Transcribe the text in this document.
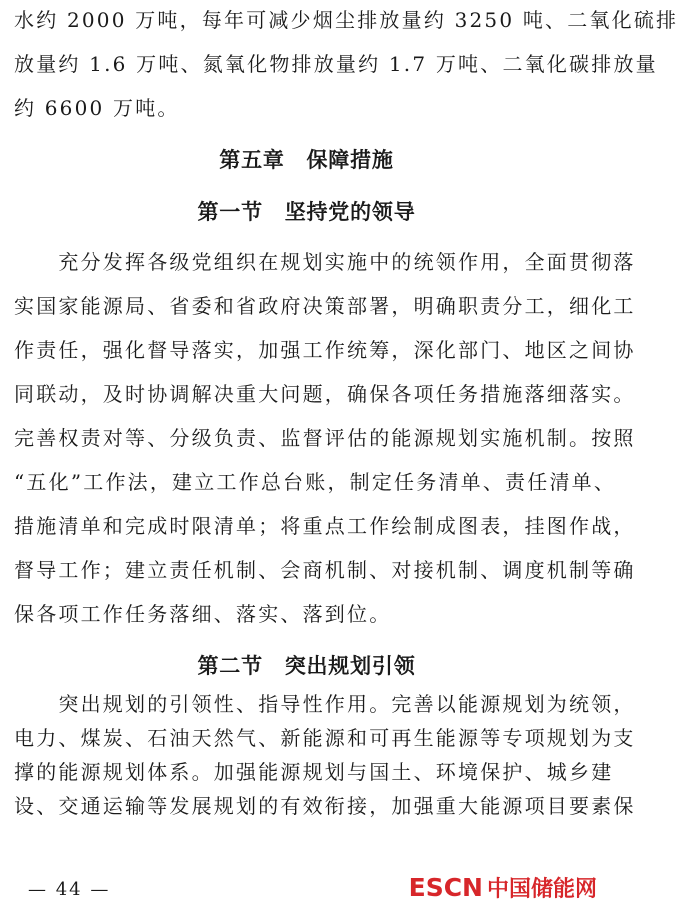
水约 2000 万吨，每年可减少烟尘排放量约 3250 吨、二氧化硫排
放量约 1.6 万吨、氮氧化物排放量约 1.7 万吨、二氧化碳排放量
约 6600 万吨。
第五章　保障措施
第一节　坚持党的领导
　　充分发挥各级党组织在规划实施中的统领作用，全面贯彻落
实国家能源局、省委和省政府决策部署，明确职责分工，细化工
作责任，强化督导落实，加强工作统筹，深化部门、地区之间协
同联动，及时协调解决重大问题，确保各项任务措施落细落实。
完善权责对等、分级负责、监督评估的能源规划实施机制。按照
“五化”工作法，建立工作总台账，制定任务清单、责任清单、
措施清单和完成时限清单；将重点工作绘制成图表，挂图作战，
督导工作；建立责任机制、会商机制、对接机制、调度机制等确
保各项工作任务落细、落实、落到位。
第二节　突出规划引领
　　突出规划的引领性、指导性作用。完善以能源规划为统领，
电力、煤炭、石油天然气、新能源和可再生能源等专项规划为支
撑的能源规划体系。加强能源规划与国土、环境保护、城乡建
设、交通运输等发展规划的有效衔接，加强重大能源项目要素保
— 44 —	ESCN 中国储能网
